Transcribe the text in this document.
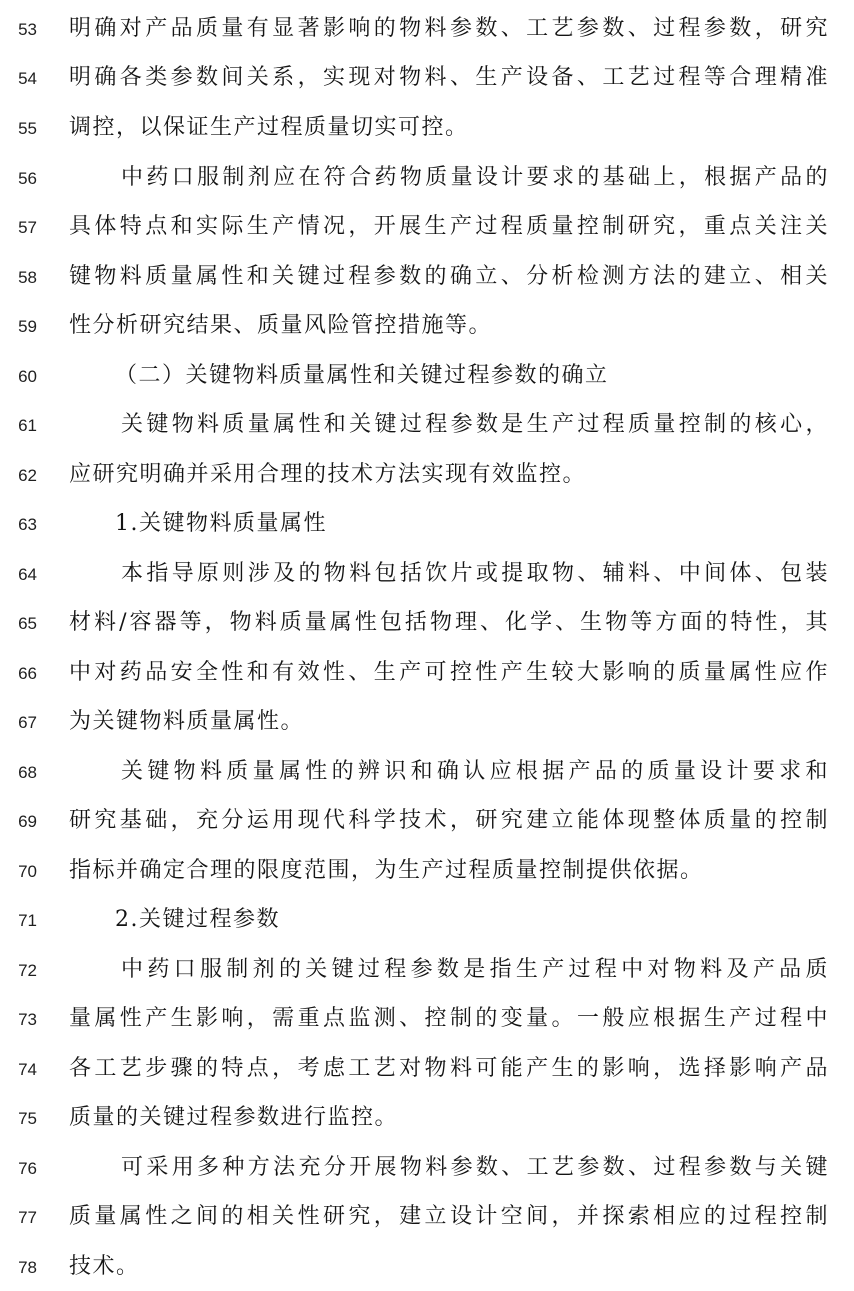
53 明确对产品质量有显著影响的物料参数、工艺参数、过程参数，研究
54 明确各类参数间关系，实现对物料、生产设备、工艺过程等合理精准
55 调控，以保证生产过程质量切实可控。
56	中药口服制剂应在符合药物质量设计要求的基础上，根据产品的
57 具体特点和实际生产情况，开展生产过程质量控制研究，重点关注关
58 键物料质量属性和关键过程参数的确立、分析检测方法的建立、相关
59 性分析研究结果、质量风险管控措施等。
60	（二）关键物料质量属性和关键过程参数的确立
61	关键物料质量属性和关键过程参数是生产过程质量控制的核心，
62 应研究明确并采用合理的技术方法实现有效监控。
63	1.关键物料质量属性
64	本指导原则涉及的物料包括饮片或提取物、辅料、中间体、包装
65 材料/容器等，物料质量属性包括物理、化学、生物等方面的特性，其
66 中对药品安全性和有效性、生产可控性产生较大影响的质量属性应作
67 为关键物料质量属性。
68	关键物料质量属性的辨识和确认应根据产品的质量设计要求和
69 研究基础，充分运用现代科学技术，研究建立能体现整体质量的控制
70 指标并确定合理的限度范围，为生产过程质量控制提供依据。
71	2.关键过程参数
72	中药口服制剂的关键过程参数是指生产过程中对物料及产品质
73 量属性产生影响，需重点监测、控制的变量。一般应根据生产过程中
74 各工艺步骤的特点，考虑工艺对物料可能产生的影响，选择影响产品
75 质量的关键过程参数进行监控。
76	可采用多种方法充分开展物料参数、工艺参数、过程参数与关键
77 质量属性之间的相关性研究，建立设计空间，并探索相应的过程控制
78 技术。
